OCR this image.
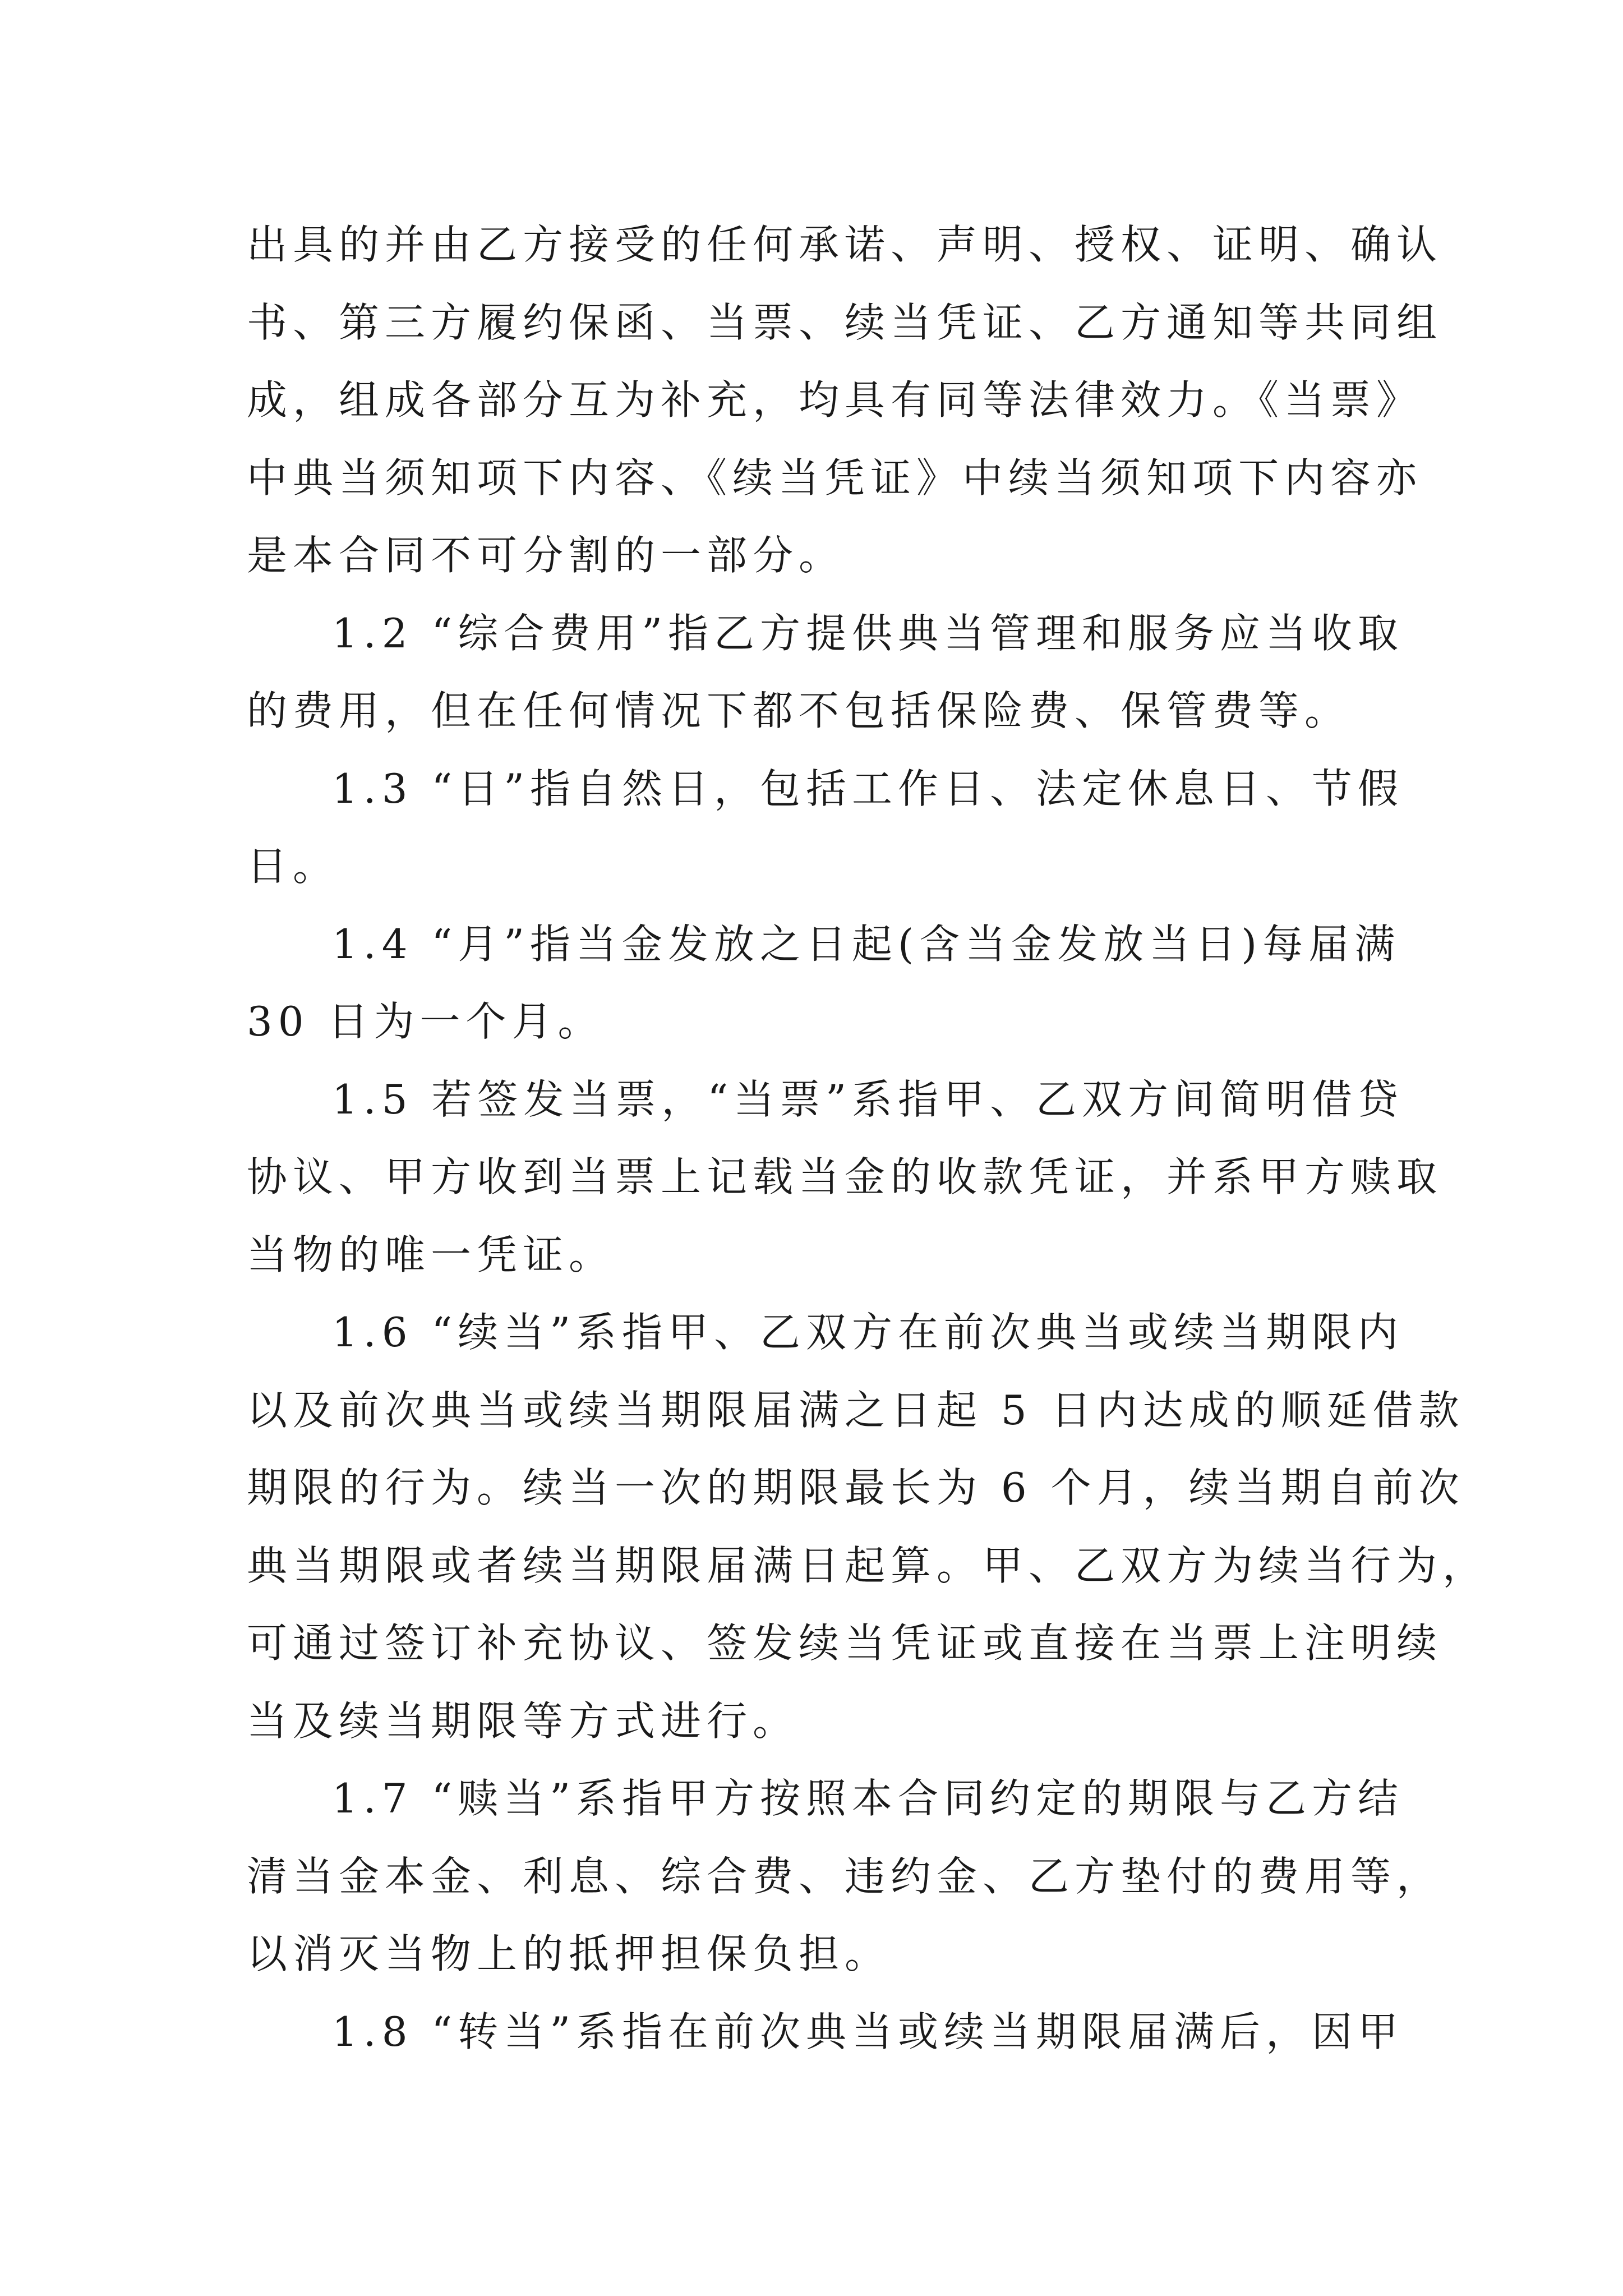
出具的并由乙方接受的任何承诺、声明、授权、证明、确认
书、第三方履约保函、当票、续当凭证、乙方通知等共同组
成，组成各部分互为补充，均具有同等法律效力。《当票》
中典当须知项下内容、《续当凭证》中续当须知项下内容亦
是本合同不可分割的一部分。
1.2 “综合费用”指乙方提供典当管理和服务应当收取
的费用，但在任何情况下都不包括保险费、保管费等。
1.3 “日”指自然日，包括工作日、法定休息日、节假
日。
1.4 “月”指当金发放之日起(含当金发放当日)每届满
30 日为一个月。
1.5 若签发当票，“当票”系指甲、乙双方间简明借贷
协议、甲方收到当票上记载当金的收款凭证，并系甲方赎取
当物的唯一凭证。
1.6 “续当”系指甲、乙双方在前次典当或续当期限内
以及前次典当或续当期限届满之日起 5 日内达成的顺延借款
期限的行为。续当一次的期限最长为 6 个月，续当期自前次
典当期限或者续当期限届满日起算。甲、乙双方为续当行为，
可通过签订补充协议、签发续当凭证或直接在当票上注明续
当及续当期限等方式进行。
1.7 “赎当”系指甲方按照本合同约定的期限与乙方结
清当金本金、利息、综合费、违约金、乙方垫付的费用等，
以消灭当物上的抵押担保负担。
1.8 “转当”系指在前次典当或续当期限届满后，因甲
